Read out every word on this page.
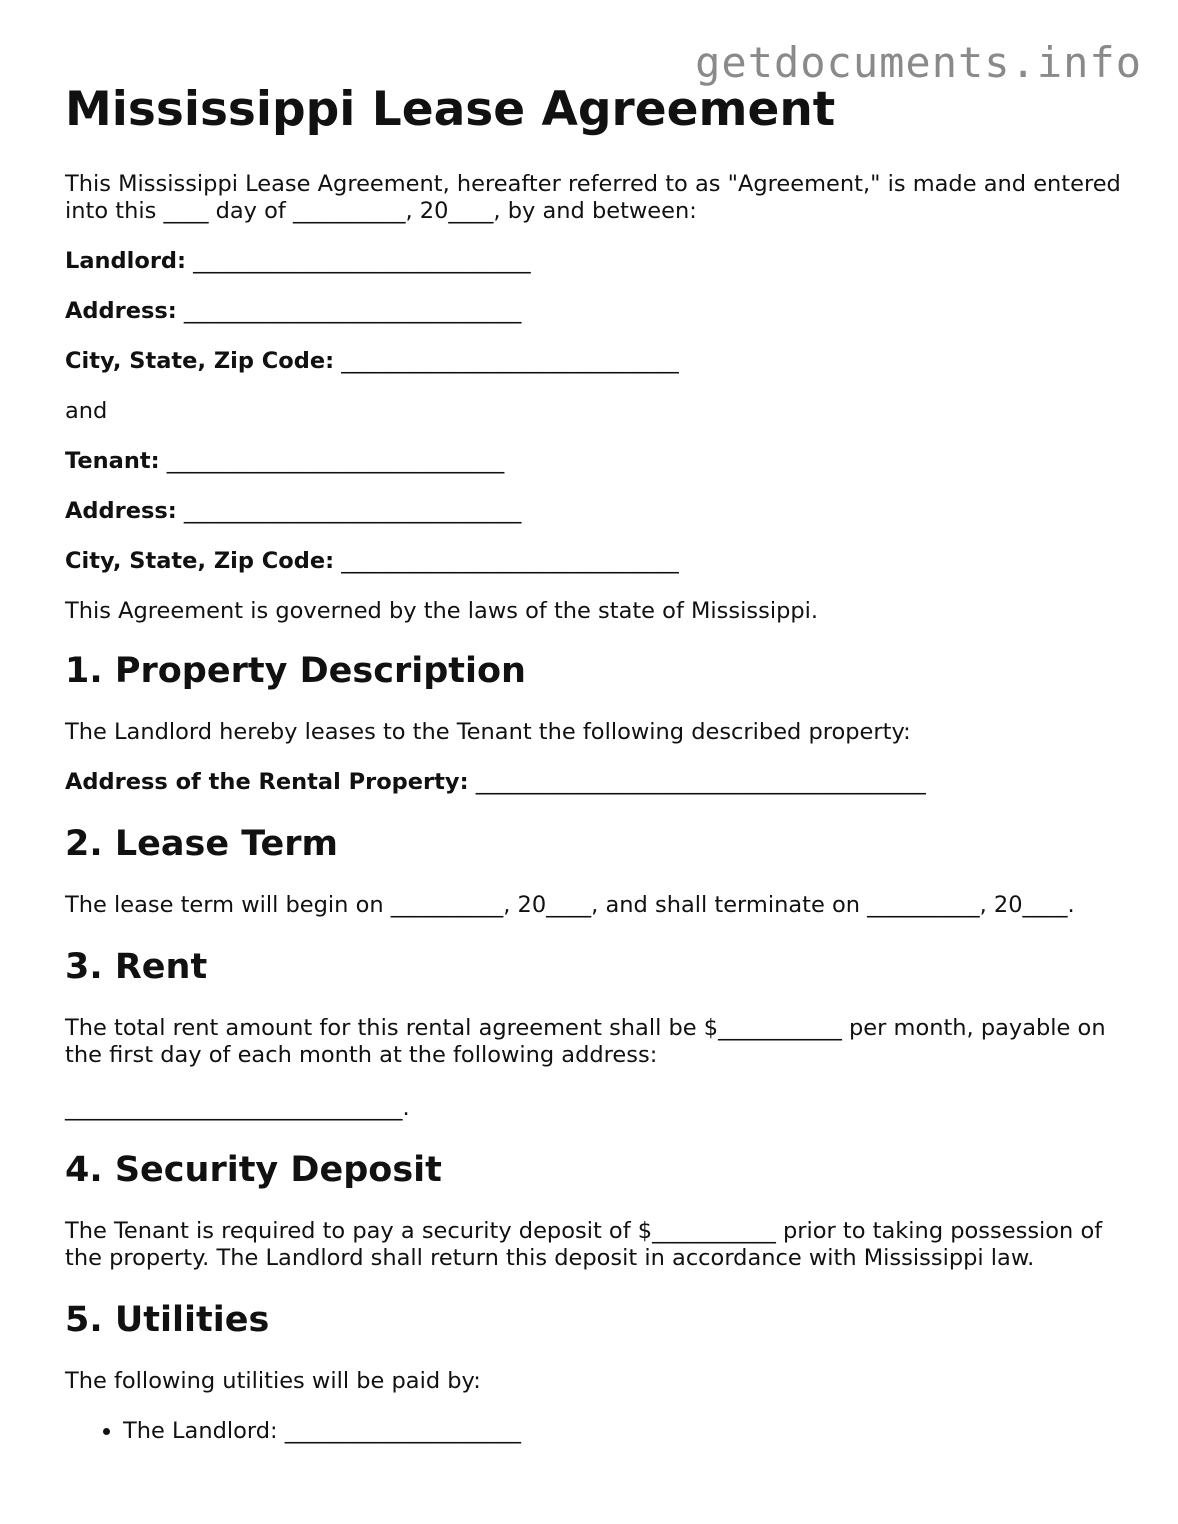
getdocuments.info
Mississippi Lease Agreement

This Mississippi Lease Agreement, hereafter referred to as "Agreement," is made and entered into this ____ day of __________, 20____, by and between:

Landlord: ______________________________
Address: ______________________________
City, State, Zip Code: ______________________________

and

Tenant: ______________________________
Address: ______________________________
City, State, Zip Code: ______________________________

This Agreement is governed by the laws of the state of Mississippi.

1. Property Description

The Landlord hereby leases to the Tenant the following described property:

Address of the Rental Property: ________________________________________
2. Lease Term

The lease term will begin on __________, 20____, and shall terminate on __________, 20____.

3. Rent

The total rent amount for this rental agreement shall be $___________ per month, payable on the first day of each month at the following address:

______________________________.

4. Security Deposit

The Tenant is required to pay a security deposit of $___________ prior to taking possession of the property. The Landlord shall return this deposit in accordance with Mississippi law.

5. Utilities

The following utilities will be paid by:

• The Landlord: _____________________
